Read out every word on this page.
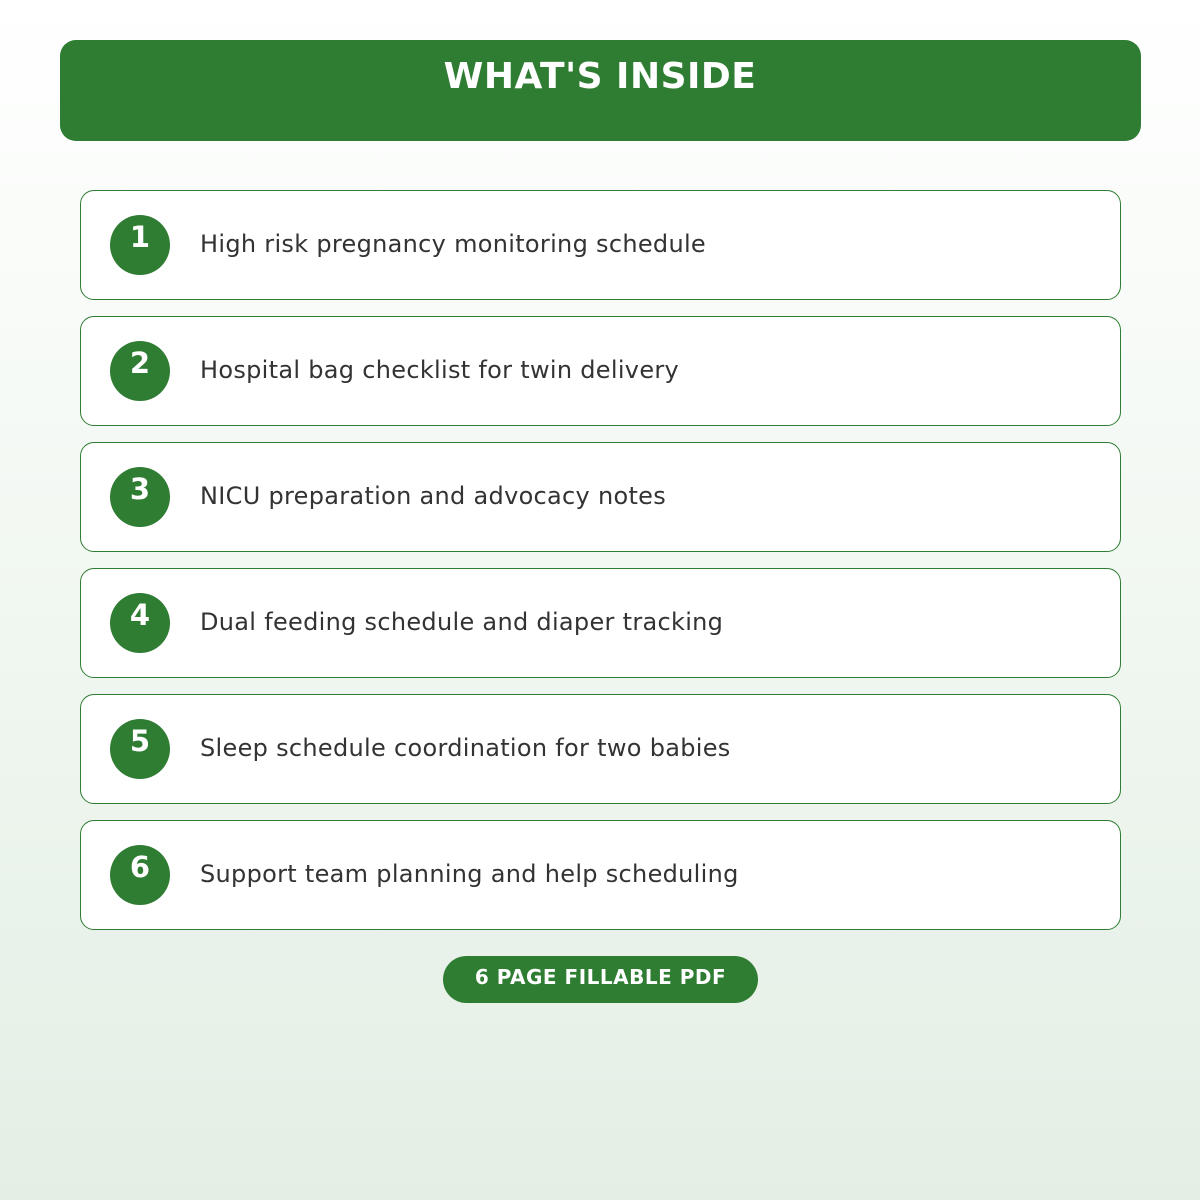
WHAT'S INSIDE
1	High risk pregnancy monitoring schedule
2	Hospital bag checklist for twin delivery
3	NICU preparation and advocacy notes
4	Dual feeding schedule and diaper tracking
5	Sleep schedule coordination for two babies
6	Support team planning and help scheduling
6 PAGE FILLABLE PDF
